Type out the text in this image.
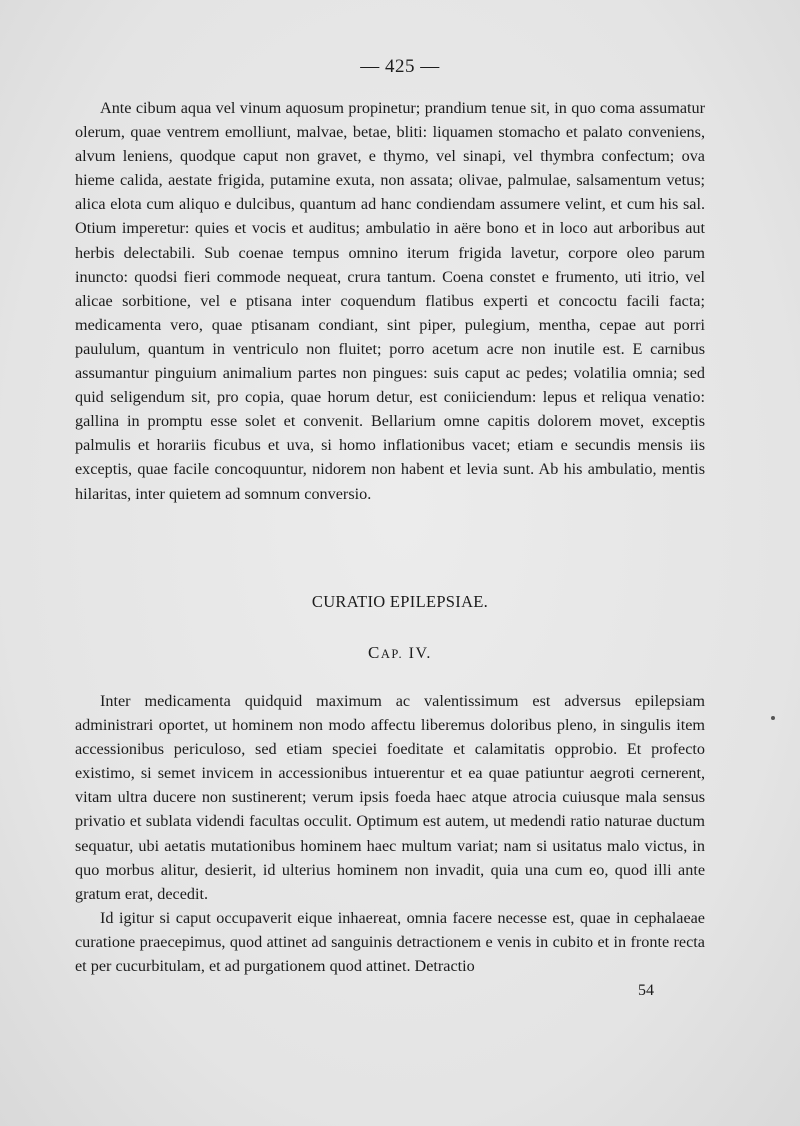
— 425 —

Ante cibum aqua vel vinum aquosum propinetur; prandium tenue sit, in quo coma assumatur olerum, quae ventrem emolliunt, malvae, betae, bliti: liquamen stomacho et palato conveniens, alvum leniens, quodque caput non gravet, e thymo, vel sinapi, vel thymbra confectum; ova hieme calida, aestate frigida, putamine exuta, non assata; olivae, palmulae, salsamentum vetus; alica elota cum aliquo e dulcibus, quantum ad hanc condiendam assumere velint, et cum his sal. Otium imperetur: quies et vocis et auditus; ambulatio in aëre bono et in loco aut arboribus aut herbis delectabili. Sub coenae tempus omnino iterum frigida lavetur, corpore oleo parum inuncto: quodsi fieri commode nequeat, crura tantum. Coena constet e frumento, uti itrio, vel alicae sorbitione, vel e ptisana inter coquendum flatibus experti et concoctu facili facta; medicamenta vero, quae ptisanam condiant, sint piper, pulegium, mentha, cepae aut porri paululum, quantum in ventriculo non fluitet; porro acetum acre non inutile est. E carnibus assumantur pinguium animalium partes non pingues: suis caput ac pedes; volatilia omnia; sed quid seligendum sit, pro copia, quae horum detur, est coniiciendum: lepus et reliqua venatio: gallina in promptu esse solet et convenit. Bellarium omne capitis dolorem movet, exceptis palmulis et horariis ficubus et uva, si homo inflationibus vacet; etiam e secundis mensis iis exceptis, quae facile concoquuntur, nidorem non habent et levia sunt. Ab his ambulatio, mentis hilaritas, inter quietem ad somnum conversio.

CURATIO EPILEPSIAE.
CAP. IV.

Inter medicamenta quidquid maximum ac valentissimum est adversus epilepsiam administrari oportet, ut hominem non modo affectu liberemus doloribus pleno, in singulis item accessionibus periculoso, sed etiam speciei foeditate et calamitatis opprobio. Et profecto existimo, si semet invicem in accessionibus intuerentur et ea quae patiuntur aegroti cernerent, vitam ultra ducere non sustinerent; verum ipsis foeda haec atque atrocia cuiusque mala sensus privatio et sublata videndi facultas occulit. Optimum est autem, ut medendi ratio naturae ductum sequatur, ubi aetatis mutationibus hominem haec multum variat; nam si usitatus malo victus, in quo morbus alitur, desierit, id ulterius hominem non invadit, quia una cum eo, quod illi ante gratum erat, decedit.

Id igitur si caput occupaverit eique inhaereat, omnia facere necesse est, quae in cephalaeae curatione praecepimus, quod attinet ad sanguinis detractionem e venis in cubito et in fronte recta et per cucurbitulam, et ad purgationem quod attinet. Detractio

54
